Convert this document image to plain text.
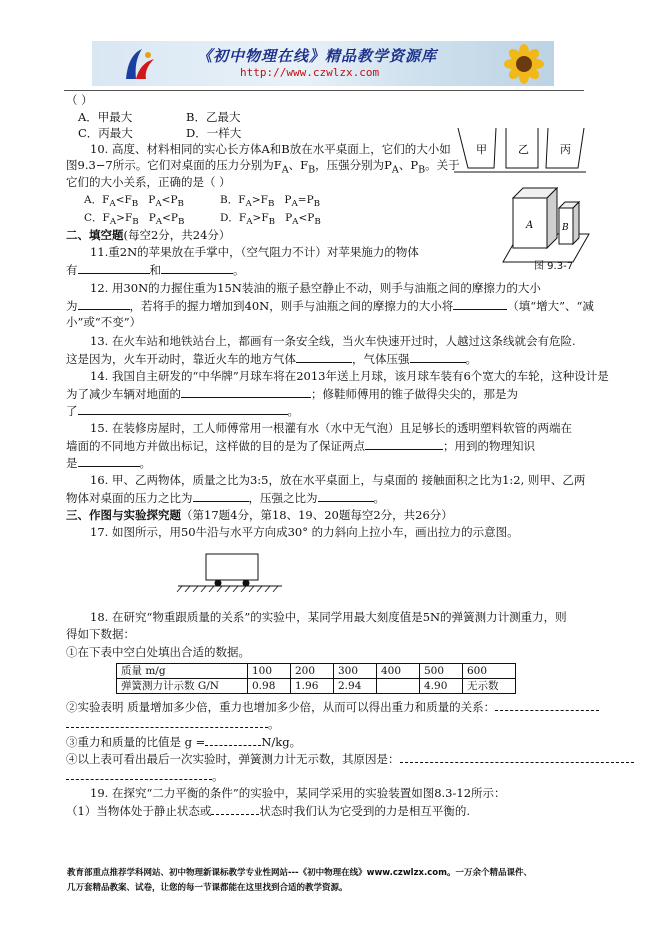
《初中物理在线》精品教学资源库
http://www.czwlzx.com
（ ）
A．甲最大	B．乙最大
C．丙最大	D．一样大
甲	乙	丙
10. 高度、材料相同的实心长方体A和B放在水平桌面上，它们的大小如
图9.3−7所示。它们对桌面的压力分别为$F_A$、$F_B$，压强分别为$P_A$、$P_B$。关于
它们的大小关系，正确的是（ ）
A．$F_A<F_B$   $P_A<P_B$	B．$F_A>F_B$   $P_A=P_B$
C．$F_A>F_B$   $P_A<P_B$	D．$F_A>F_B$   $P_A<P_B$	A	B
图 9.3-7
二、填空题(每空2分，共24分）
11.重2N的苹果放在手掌中，（空气阻力不计）对苹果施力的物体
有	和	。
12. 用30N的力握住重为15N装油的瓶子悬空静止不动，则手与油瓶之间的摩擦力的大小
为	，若将手的握力增加到40N，则手与油瓶之间的摩擦力的大小将	（填“增大”、“减
小”或“不变”）
13. 在火车站和地铁站台上，都画有一条安全线，当火车快速开过时，人越过这条线就会有危险.
这是因为，火车开动时，靠近火车的地方气体	，气体压强	。
14. 我国自主研发的“中华牌”月球车将在2013年送上月球，该月球车装有6个宽大的车轮，这种设计是
为了减少车辆对地面的	；修鞋师傅用的锥子做得尖尖的，那是为
了	。
15. 在装修房屋时，工人师傅常用一根灌有水（水中无气泡）且足够长的透明塑料软管的两端在
墙面的不同地方并做出标记，这样做的目的是为了保证两点	；用到的物理知识
是	。
16. 甲、乙两物体，质量之比为3:5，放在水平桌面上，与桌面的 接触面积之比为1:2, 则甲、乙两
物体对桌面的压力之比为	，压强之比为	。
三、作图与实验探究题（第17题4分，第18、19、20题每空2分，共26分）
17. 如图所示，用50牛沿与水平方向成30° 的力斜向上拉小车，画出拉力的示意图。
18. 在研究“物重跟质量的关系”的实验中，某同学用最大刻度值是5N的弹簧测力计测重力，则
得如下数据：
①在下表中空白处填出合适的数据。
质量 m/g	100	200	300	400	500	600
弹簧测力计示数 G/N	0.98	1.96	2.94		4.90	无示数
②实验表明 质量增加多少倍，重力也增加多少倍，从而可以得出重力和质量的关系：
。
③重力和质量的比值是 g =	N/kg。
④以上表可看出最后一次实验时，弹簧测力计无示数，其原因是：
。
19. 在探究“二力平衡的条件”的实验中，某同学采用的实验装置如图8.3-12所示：
（1）当物体处于静止状态或	状态时我们认为它受到的力是相互平衡的.
教育部重点推荐学科网站、初中物理新课标教学专业性网站---《初中物理在线》www.czwlzx.com。一万余个精品课件、
几万套精品教案、试卷，让您的每一节课都能在这里找到合适的教学资源。
